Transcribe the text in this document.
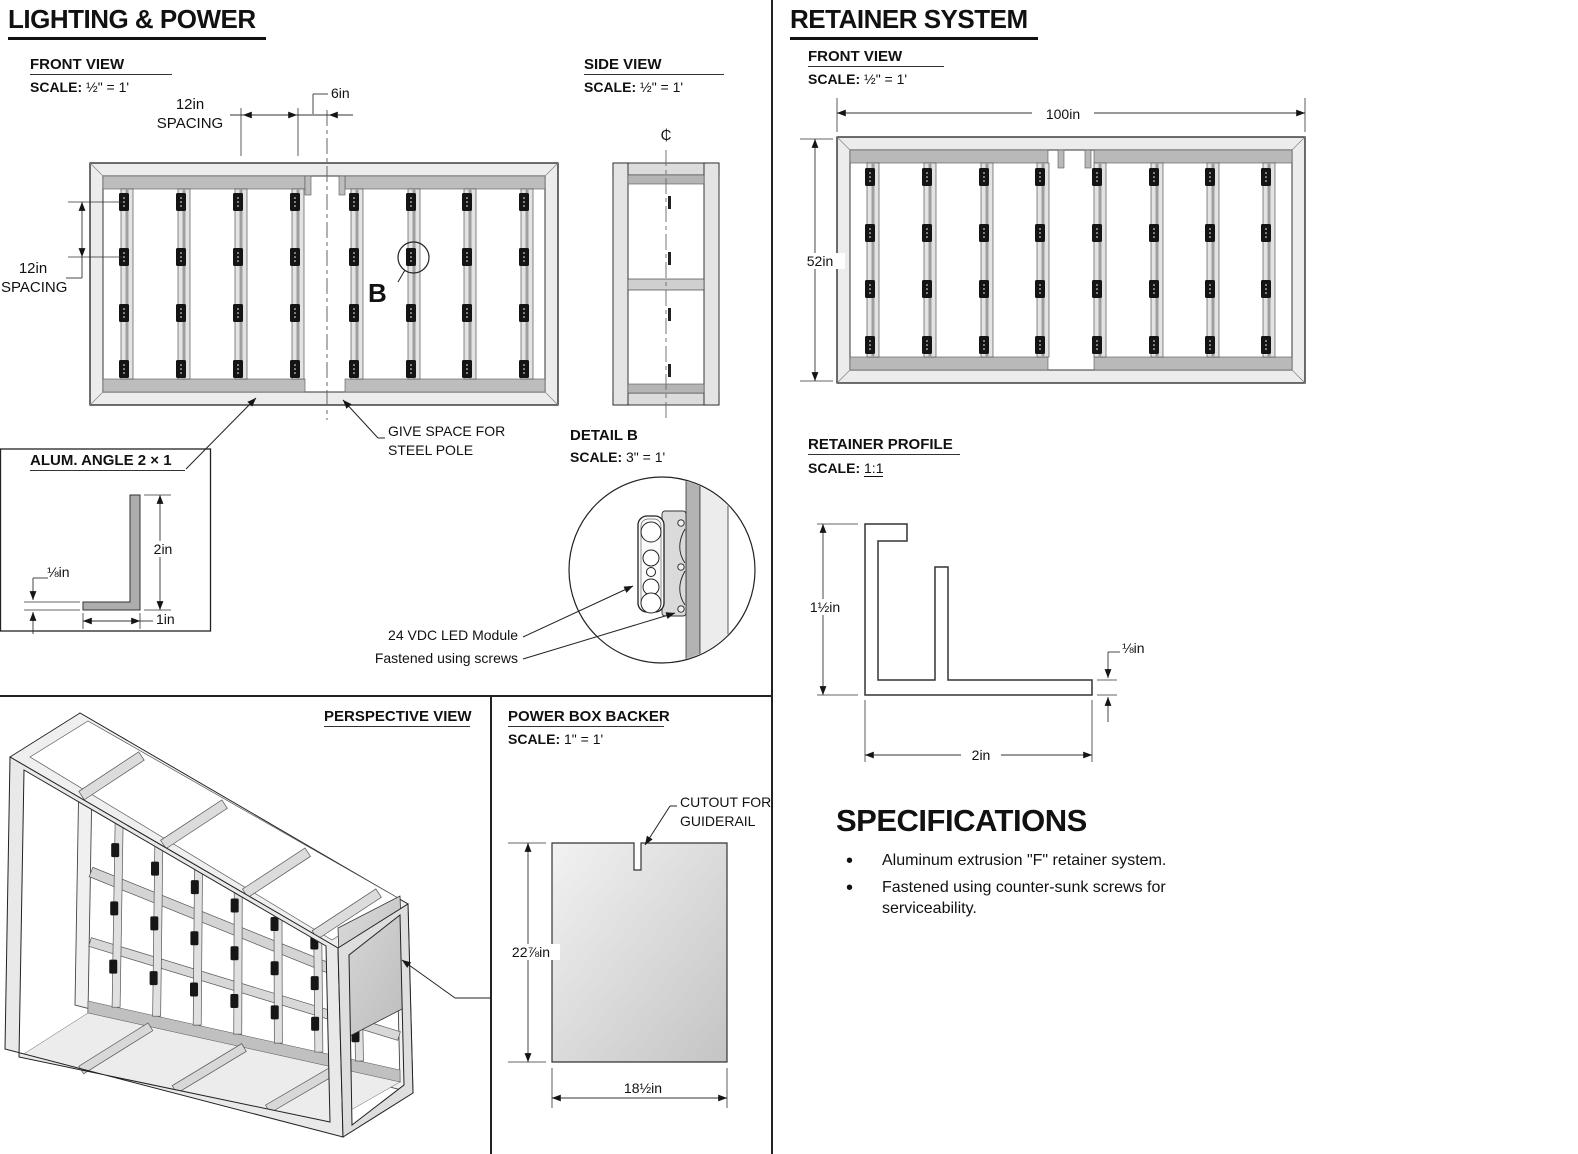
LIGHTING & POWER
FRONT VIEW
SCALE: ½" = 1'
12in
SPACING
6in
12in
SPACING
SIDE VIEW
SCALE: ½" = 1'
₵
ALUM. ANGLE 2 × 1
2in
1in
⅛in
GIVE SPACE FOR
STEEL POLE
DETAIL B
SCALE: 3" = 1'
B
24 VDC LED Module
Fastened using screws
PERSPECTIVE VIEW POWER BOX BACKER
SCALE: 1" = 1'
CUTOUT FOR
GUIDERAIL
22⅞in
18½in
RETAINER SYSTEM
FRONT VIEW
SCALE: ½" = 1'
100in
52in
RETAINER PROFILE
SCALE: 1:1
1½in
⅛in
2in
SPECIFICATIONS
• Aluminum extrusion "F" retainer system.
• Fastened using counter-sunk screws for serviceability.
